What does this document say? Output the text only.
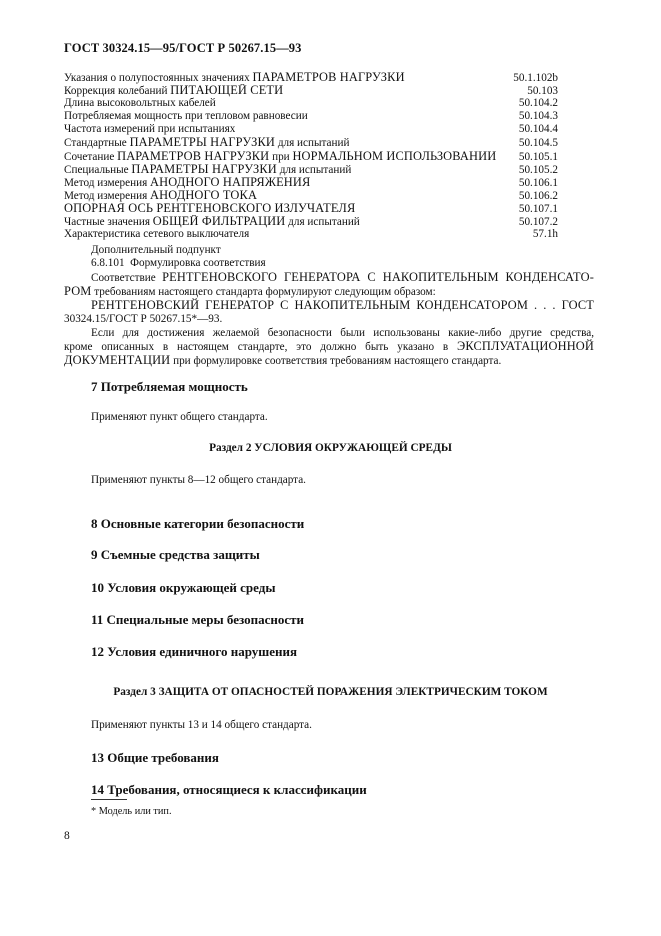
ГОСТ 30324.15—95/ГОСТ Р 50267.15—93
Указания о полупостоянных значениях ПАРАМЕТРОВ НАГРУЗКИ	50.1.102b
Коррекция колебаний ПИТАЮЩЕЙ СЕТИ	50.103
Длина высоковольтных кабелей	50.104.2
Потребляемая мощность при тепловом равновесии	50.104.3
Частота измерений при испытаниях	50.104.4
Стандартные ПАРАМЕТРЫ НАГРУЗКИ для испытаний	50.104.5
Сочетание ПАРАМЕТРОВ НАГРУЗКИ при НОРМАЛЬНОМ ИСПОЛЬЗОВАНИИ 50.105.1
Специальные ПАРАМЕТРЫ НАГРУЗКИ для испытаний	50.105.2
Метод измерения АНОДНОГО НАПРЯЖЕНИЯ	50.106.1
Метод измерения АНОДНОГО ТОКА	50.106.2
ОПОРНАЯ ОСЬ РЕНТГЕНОВСКОГО ИЗЛУЧАТЕЛЯ	50.107.1
Частные значения ОБЩЕЙ ФИЛЬТРАЦИИ для испытаний	50.107.2
Характеристика сетевого выключателя	57.1h
Дополнительный подпункт
6.8.101 Формулировка соответствия
Соответствие РЕНТГЕНОВСКОГО ГЕНЕРАТОРА С НАКОПИТЕЛЬНЫМ КОНДЕНСАТО-
РОМ требованиям настоящего стандарта формулируют следующим образом:
РЕНТГЕНОВСКИЙ ГЕНЕРАТОР С НАКОПИТЕЛЬНЫМ КОНДЕНСАТОРОМ . . . ГОСТ
30324.15/ГОСТ Р 50267.15*—93.
Если для достижения желаемой безопасности были использованы какие-либо другие средства,
кроме описанных в настоящем стандарте, это должно быть указано в ЭКСПЛУАТАЦИОННОЙ
ДОКУМЕНТАЦИИ при формулировке соответствия требованиям настоящего стандарта.
7 Потребляемая мощность
Применяют пункт общего стандарта.
Раздел 2 УСЛОВИЯ ОКРУЖАЮЩЕЙ СРЕДЫ
Применяют пункты 8—12 общего стандарта.
8 Основные категории безопасности
9 Съемные средства защиты
10 Условия окружающей среды
11 Специальные меры безопасности
12 Условия единичного нарушения
Раздел 3 ЗАЩИТА ОТ ОПАСНОСТЕЙ ПОРАЖЕНИЯ ЭЛЕКТРИЧЕСКИМ ТОКОМ
Применяют пункты 13 и 14 общего стандарта.
13 Общие требования
14 Требования, относящиеся к классификации
* Модель или тип.
8
